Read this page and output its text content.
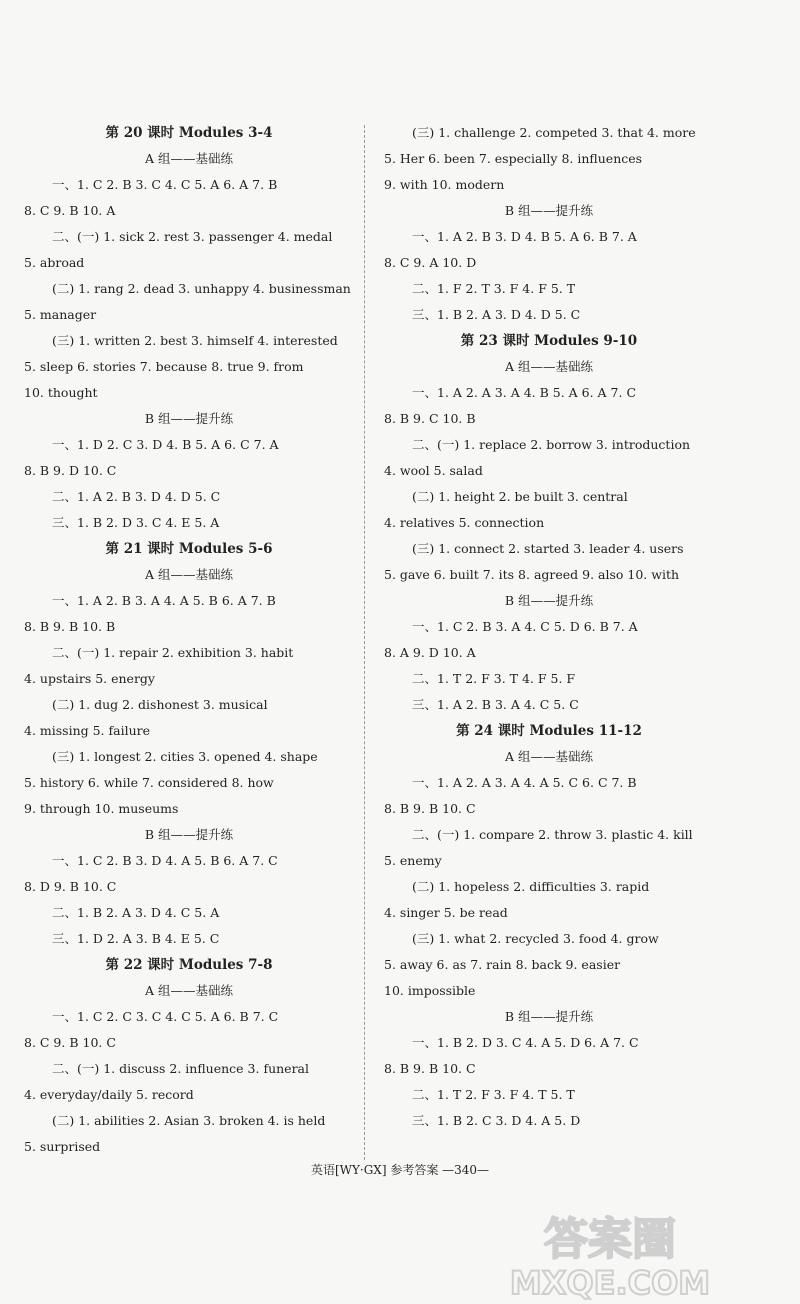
第 20 课时 Modules 3-4
A 组——基础练
一、1. C 2. B 3. C 4. C 5. A 6. A 7. B
8. C 9. B 10. A
二、(一) 1. sick 2. rest 3. passenger 4. medal
5. abroad
(二) 1. rang 2. dead 3. unhappy 4. businessman
5. manager
(三) 1. written 2. best 3. himself 4. interested
5. sleep 6. stories 7. because 8. true 9. from
10. thought
B 组——提升练
一、1. D 2. C 3. D 4. B 5. A 6. C 7. A
8. B 9. D 10. C
二、1. A 2. B 3. D 4. D 5. C
三、1. B 2. D 3. C 4. E 5. A
第 21 课时 Modules 5-6
A 组——基础练
一、1. A 2. B 3. A 4. A 5. B 6. A 7. B
8. B 9. B 10. B
二、(一) 1. repair 2. exhibition 3. habit
4. upstairs 5. energy
(二) 1. dug 2. dishonest 3. musical
4. missing 5. failure
(三) 1. longest 2. cities 3. opened 4. shape
5. history 6. while 7. considered 8. how
9. through 10. museums
B 组——提升练
一、1. C 2. B 3. D 4. A 5. B 6. A 7. C
8. D 9. B 10. C
二、1. B 2. A 3. D 4. C 5. A
三、1. D 2. A 3. B 4. E 5. C
第 22 课时 Modules 7-8
A 组——基础练
一、1. C 2. C 3. C 4. C 5. A 6. B 7. C
8. C 9. B 10. C
二、(一) 1. discuss 2. influence 3. funeral
4. everyday/daily 5. record
(二) 1. abilities 2. Asian 3. broken 4. is held
5. surprised
(三) 1. challenge 2. competed 3. that 4. more
5. Her 6. been 7. especially 8. influences
9. with 10. modern
B 组——提升练
一、1. A 2. B 3. D 4. B 5. A 6. B 7. A
8. C 9. A 10. D
二、1. F 2. T 3. F 4. F 5. T
三、1. B 2. A 3. D 4. D 5. C
第 23 课时 Modules 9-10
A 组——基础练
一、1. A 2. A 3. A 4. B 5. A 6. A 7. C
8. B 9. C 10. B
二、(一) 1. replace 2. borrow 3. introduction
4. wool 5. salad
(二) 1. height 2. be built 3. central
4. relatives 5. connection
(三) 1. connect 2. started 3. leader 4. users
5. gave 6. built 7. its 8. agreed 9. also 10. with
B 组——提升练
一、1. C 2. B 3. A 4. C 5. D 6. B 7. A
8. A 9. D 10. A
二、1. T 2. F 3. T 4. F 5. F
三、1. A 2. B 3. A 4. C 5. C
第 24 课时 Modules 11-12
A 组——基础练
一、1. A 2. A 3. A 4. A 5. C 6. C 7. B
8. B 9. B 10. C
二、(一) 1. compare 2. throw 3. plastic 4. kill
5. enemy
(二) 1. hopeless 2. difficulties 3. rapid
4. singer 5. be read
(三) 1. what 2. recycled 3. food 4. grow
5. away 6. as 7. rain 8. back 9. easier
10. impossible
B 组——提升练
一、1. B 2. D 3. C 4. A 5. D 6. A 7. C
8. B 9. B 10. C
二、1. T 2. F 3. F 4. T 5. T
三、1. B 2. C 3. D 4. A 5. D
英语[WY·GX] 参考答案 —340—
答案圈
MXQE.COM
